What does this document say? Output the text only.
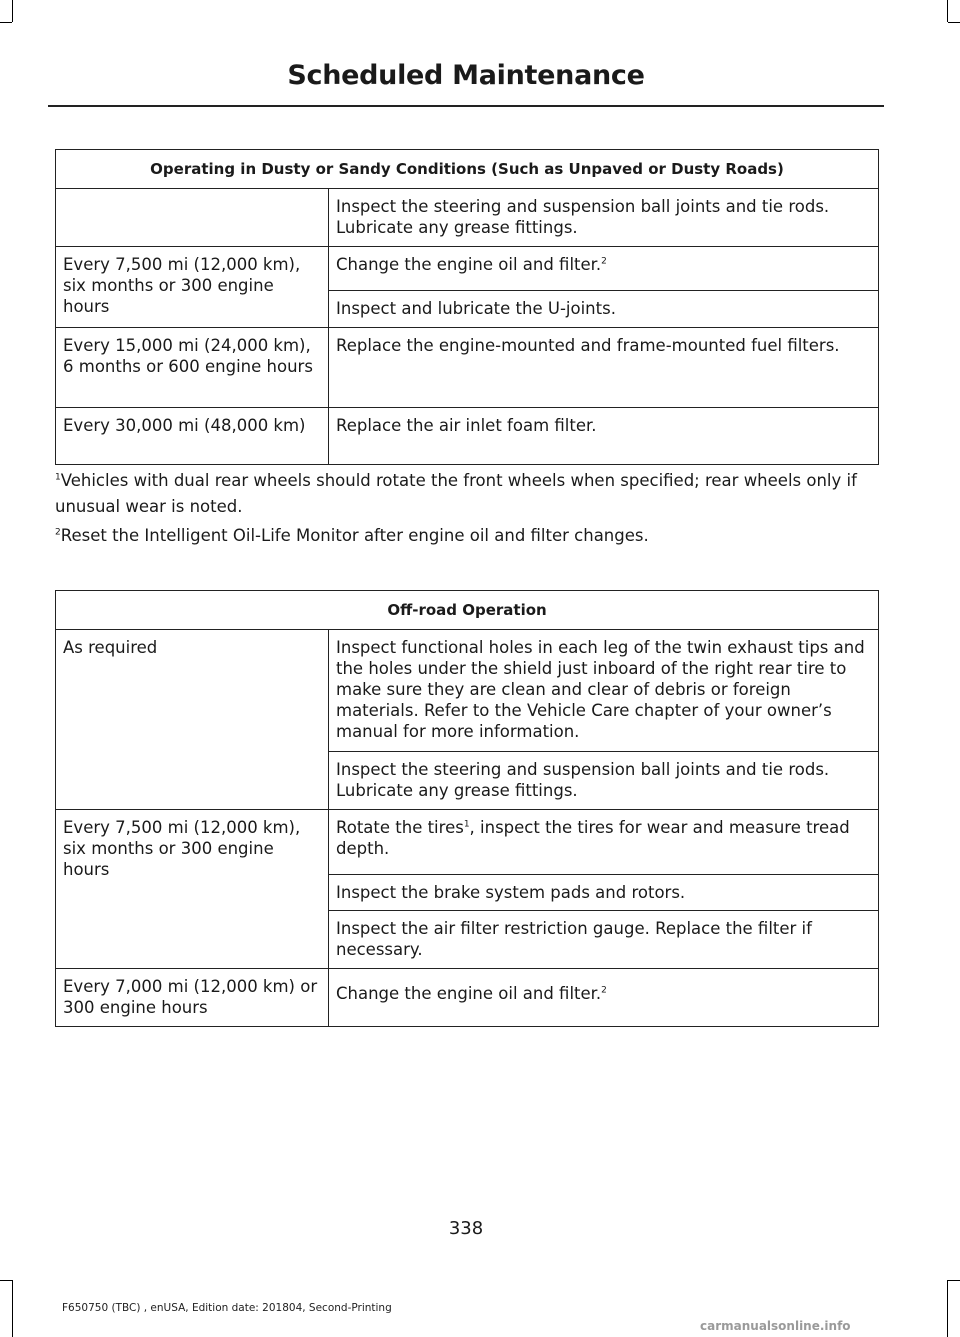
Scheduled Maintenance
Operating in Dusty or Sandy Conditions (Such as Unpaved or Dusty Roads)	
	Inspect the steering and suspension ball joints and tie rods. Lubricate any grease fittings.
Every 7,500 mi (12,000 km), six months or 300 engine hours	Change the engine oil and filter.$^2$
	Inspect and lubricate the U-joints.
Every 15,000 mi (24,000 km), 6 months or 600 engine hours	Replace the engine-mounted and frame-mounted fuel filters.
Every 30,000 mi (48,000 km)	Replace the air inlet foam filter.

$^1$Vehicles with dual rear wheels should rotate the front wheels when specified; rear wheels only if unusual wear is noted.

$^2$Reset the Intelligent Oil-Life Monitor after engine oil and filter changes.

Off-road Operation	
As required	Inspect functional holes in each leg of the twin exhaust tips and the holes under the shield just inboard of the right rear tire to make sure they are clean and clear of debris or foreign materials. Refer to the Vehicle Care chapter of your owner’s manual for more information.
	Inspect the steering and suspension ball joints and tie rods. Lubricate any grease fittings.
Every 7,500 mi (12,000 km), six months or 300 engine hours	Rotate the tires$^1$, inspect the tires for wear and measure tread depth.
	Inspect the brake system pads and rotors.
	Inspect the air filter restriction gauge. Replace the filter if necessary.
Every 7,000 mi (12,000 km) or 300 engine hours	Change the engine oil and filter.$^2$
338
F650750 (TBC) , enUSA, Edition date: 201804, Second-Printing
carmanualsonline.info
